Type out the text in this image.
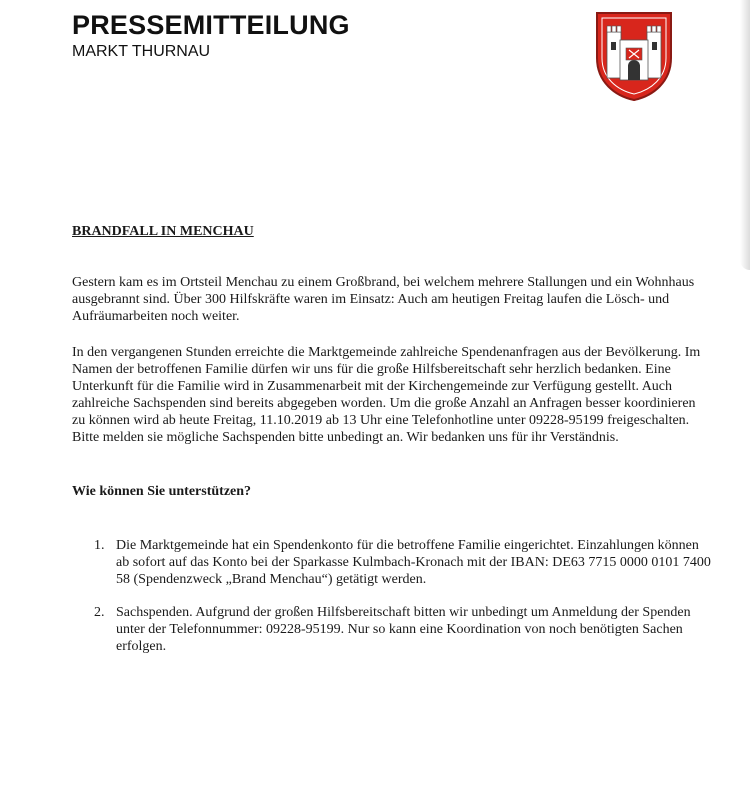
PRESSEMITTEILUNG
MARKT THURNAU
BRANDFALL IN MENCHAU

Gestern kam es im Ortsteil Menchau zu einem Großbrand, bei welchem mehrere Stallungen und ein Wohnhaus ausgebrannt sind. Über 300 Hilfskräfte waren im Einsatz: Auch am heutigen Freitag laufen die Lösch- und Aufräumarbeiten noch weiter.

In den vergangenen Stunden erreichte die Marktgemeinde zahlreiche Spendenanfragen aus der Bevölkerung. Im Namen der betroffenen Familie dürfen wir uns für die große Hilfsbereitschaft sehr herzlich bedanken. Eine Unterkunft für die Familie wird in Zusammenarbeit mit der Kirchengemeinde zur Verfügung gestellt. Auch zahlreiche Sachspenden sind bereits abgegeben worden. Um die große Anzahl an Anfragen besser koordinieren zu können wird ab heute Freitag, 11.10.2019 ab 13 Uhr eine Telefonhotline unter 09228-95199 freigeschalten. Bitte melden sie mögliche Sachspenden bitte unbedingt an. Wir bedanken uns für ihr Verständnis.

Wie können Sie unterstützen?
1. Die Marktgemeinde hat ein Spendenkonto für die betroffene Familie eingerichtet. Einzahlungen können ab sofort auf das Konto bei der Sparkasse Kulmbach-Kronach mit der IBAN: DE63 7715 0000 0101 7400 58 (Spendenzweck „Brand Menchau“) getätigt werden.
2. Sachspenden. Aufgrund der großen Hilfsbereitschaft bitten wir unbedingt um Anmeldung der Spenden unter der Telefonnummer: 09228-95199. Nur so kann eine Koordination von noch benötigten Sachen erfolgen.
